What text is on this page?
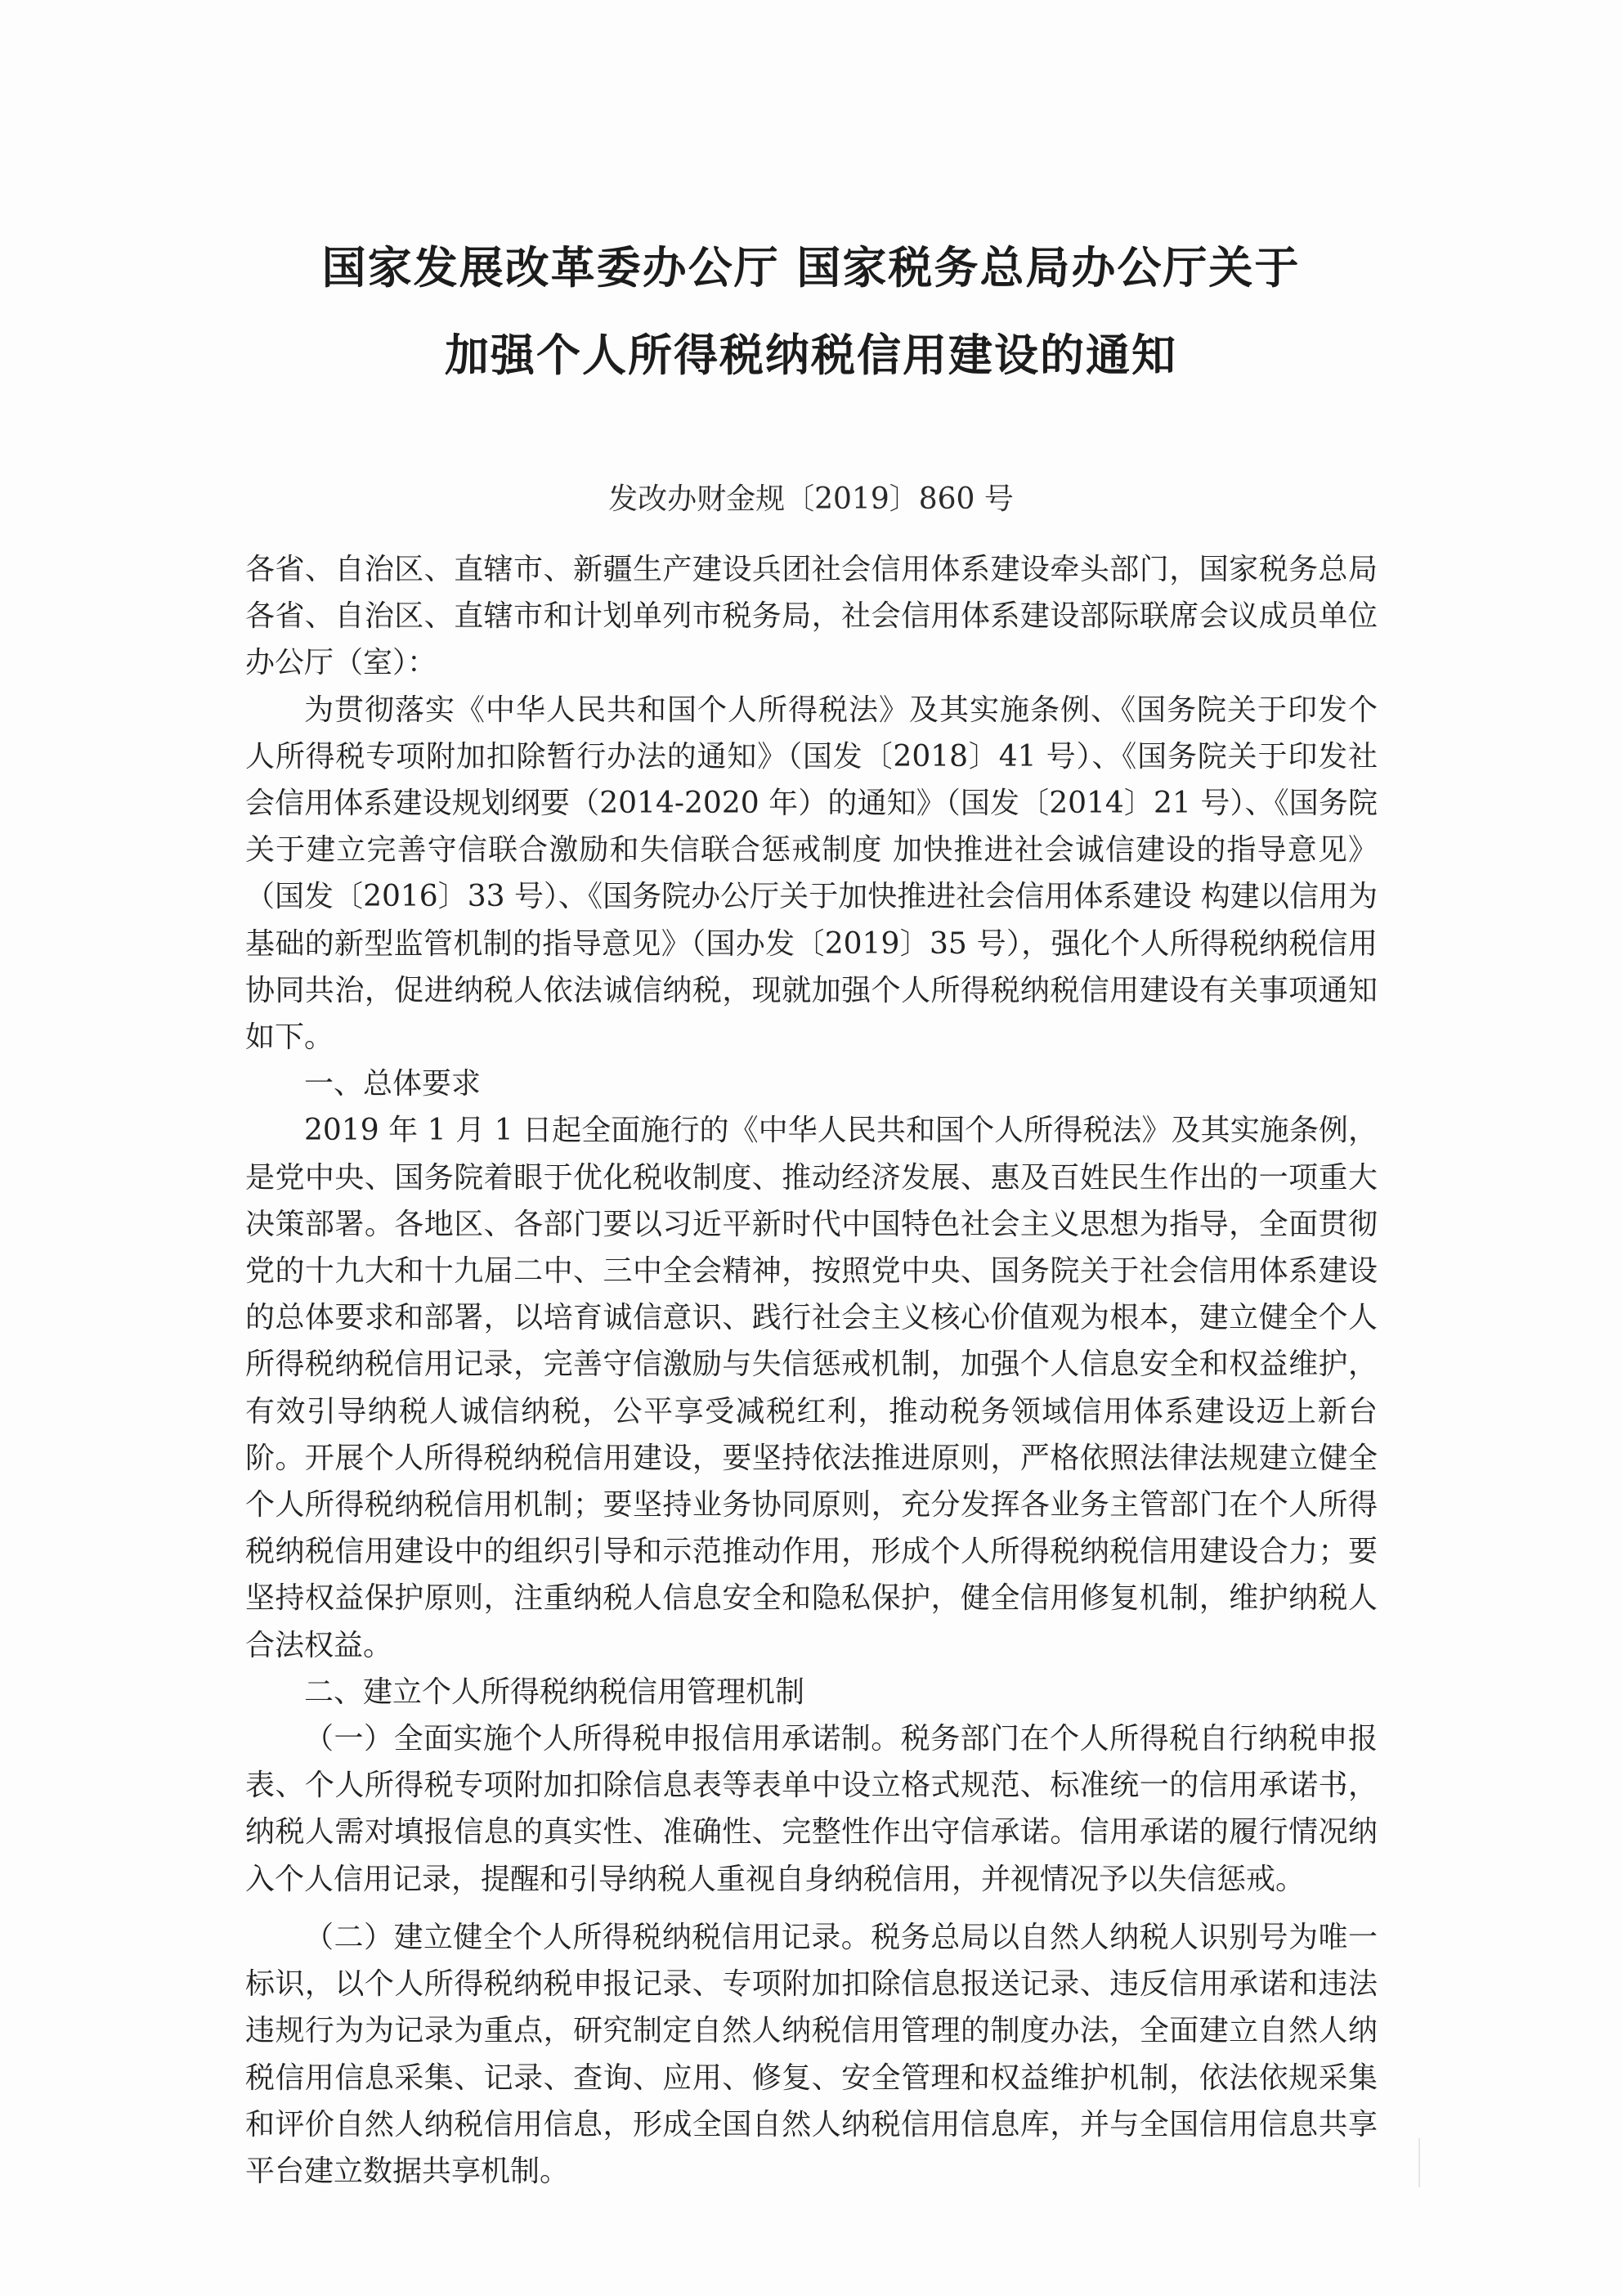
国家发展改革委办公厅 国家税务总局办公厅关于
加强个人所得税纳税信用建设的通知
发改办财金规〔2019〕860 号

各省、自治区、直辖市、新疆生产建设兵团社会信用体系建设牵头部门，国家税务总局各省、自治区、直辖市和计划单列市税务局，社会信用体系建设部际联席会议成员单位办公厅（室）：

为贯彻落实《中华人民共和国个人所得税法》及其实施条例、《国务院关于印发个人所得税专项附加扣除暂行办法的通知》（国发〔2018〕41 号）、《国务院关于印发社会信用体系建设规划纲要（2014-2020 年）的通知》（国发〔2014〕21 号）、《国务院关于建立完善守信联合激励和失信联合惩戒制度 加快推进社会诚信建设的指导意见》（国发〔2016〕33 号）、《国务院办公厅关于加快推进社会信用体系建设 构建以信用为基础的新型监管机制的指导意见》（国办发〔2019〕35 号），强化个人所得税纳税信用协同共治，促进纳税人依法诚信纳税，现就加强个人所得税纳税信用建设有关事项通知如下。

一、总体要求

2019 年 1 月 1 日起全面施行的《中华人民共和国个人所得税法》及其实施条例，是党中央、国务院着眼于优化税收制度、推动经济发展、惠及百姓民生作出的一项重大决策部署。各地区、各部门要以习近平新时代中国特色社会主义思想为指导，全面贯彻党的十九大和十九届二中、三中全会精神，按照党中央、国务院关于社会信用体系建设的总体要求和部署，以培育诚信意识、践行社会主义核心价值观为根本，建立健全个人所得税纳税信用记录，完善守信激励与失信惩戒机制，加强个人信息安全和权益维护，有效引导纳税人诚信纳税，公平享受减税红利，推动税务领域信用体系建设迈上新台阶。开展个人所得税纳税信用建设，要坚持依法推进原则，严格依照法律法规建立健全个人所得税纳税信用机制；要坚持业务协同原则，充分发挥各业务主管部门在个人所得税纳税信用建设中的组织引导和示范推动作用，形成个人所得税纳税信用建设合力；要坚持权益保护原则，注重纳税人信息安全和隐私保护，健全信用修复机制，维护纳税人合法权益。

二、建立个人所得税纳税信用管理机制

（一）全面实施个人所得税申报信用承诺制。税务部门在个人所得税自行纳税申报表、个人所得税专项附加扣除信息表等表单中设立格式规范、标准统一的信用承诺书，纳税人需对填报信息的真实性、准确性、完整性作出守信承诺。信用承诺的履行情况纳入个人信用记录，提醒和引导纳税人重视自身纳税信用，并视情况予以失信惩戒。

（二）建立健全个人所得税纳税信用记录。税务总局以自然人纳税人识别号为唯一标识，以个人所得税纳税申报记录、专项附加扣除信息报送记录、违反信用承诺和违法违规行为为记录为重点，研究制定自然人纳税信用管理的制度办法，全面建立自然人纳税信用信息采集、记录、查询、应用、修复、安全管理和权益维护机制，依法依规采集和评价自然人纳税信用信息，形成全国自然人纳税信用信息库，并与全国信用信息共享平台建立数据共享机制。
